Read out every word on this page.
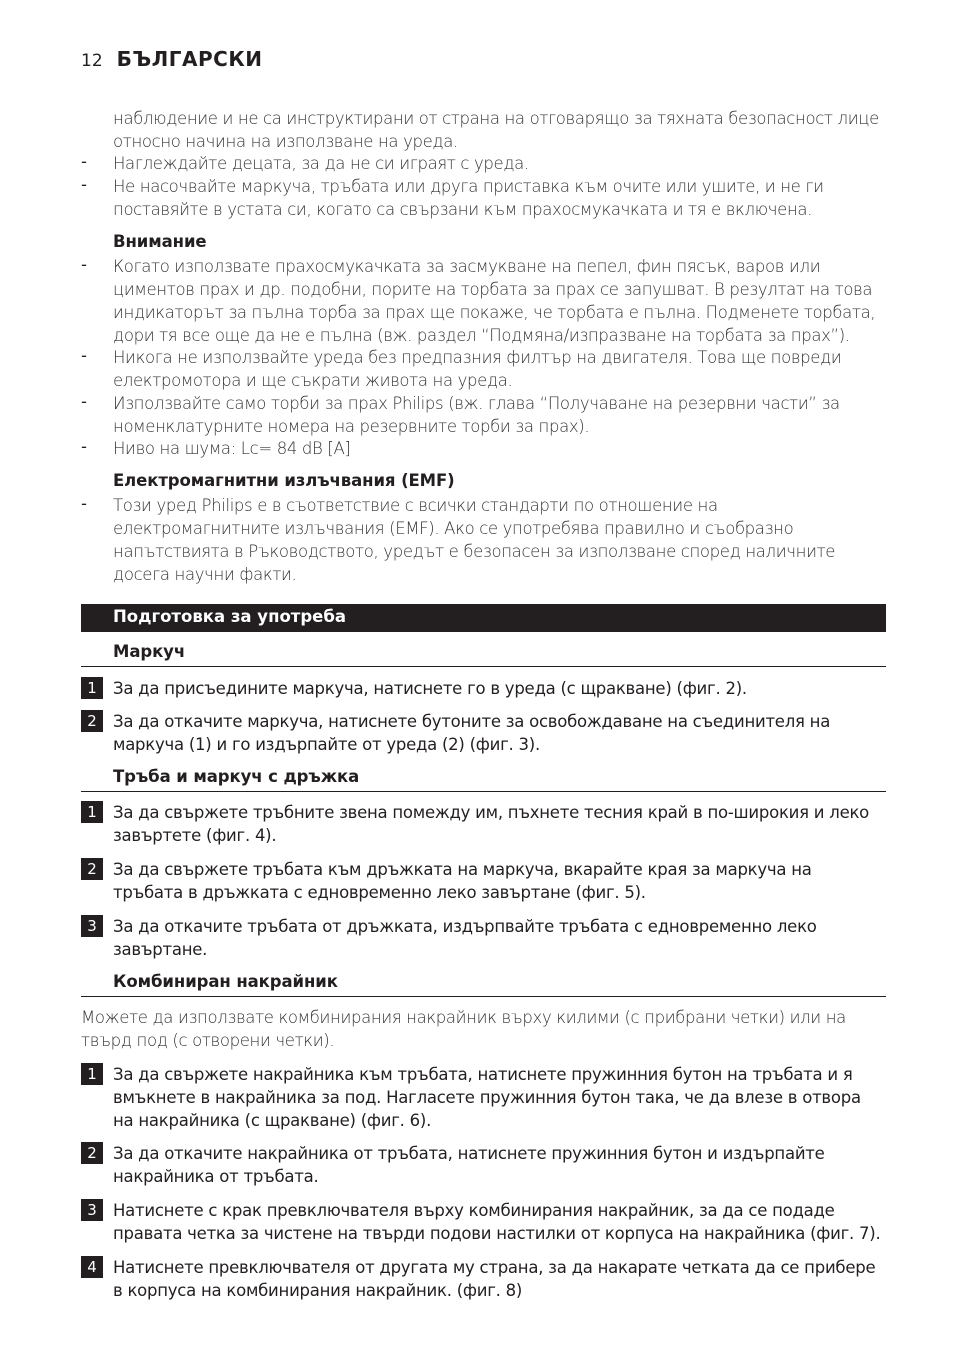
12 БЪЛГАРСКИ
наблюдение и не са инструктирани от страна на отговарящо за тяхната безопасност лице относно начина на използване на уреда.
- Наглеждайте децата, за да не си играят с уреда.
- Не насочвайте маркуча, тръбата или друга приставка към очите или ушите, и не ги поставяйте в устата си, когато са свързани към прахосмукачката и тя е включена.
Внимание
- Когато използвате прахосмукачката за засмукване на пепел, фин пясък, варов или циментов прах и др. подобни, порите на торбата за прах се запушват. В резултат на това индикаторът за пълна торба за прах ще покаже, че торбата е пълна. Подменете торбата, дори тя все още да не е пълна (вж. раздел “Подмяна/изпразване на торбата за прах”).
- Никога не използвайте уреда без предпазния филтър на двигателя. Това ще повреди електромотора и ще съкрати живота на уреда.
- Използвайте само торби за прах Philips (вж. глава “Получаване на резервни части” за номенклатурните номера на резервните торби за прах).
- Ниво на шума: Lc= 84 dB [A]
Електромагнитни излъчвания (EMF)
- Този уред Philips е в съответствие с всички стандарти по отношение на електромагнитните излъчвания (EMF). Ако се употребява правилно и съобразно напътствията в Ръководството, уредът е безопасен за използване според наличните досега научни факти.
Подготовка за употреба
Маркуч
1 За да присъедините маркуча, натиснете го в уреда (с щракване) (фиг. 2).
2 За да откачите маркуча, натиснете бутоните за освобождаване на съединителя на маркуча (1) и го издърпайте от уреда (2) (фиг. 3).
Тръба и маркуч с дръжка
1 За да свържете тръбните звена помежду им, пъхнете тесния край в по-широкия и леко завъртете (фиг. 4).
2 За да свържете тръбата към дръжката на маркуча, вкарайте края за маркуча на тръбата в дръжката с едновременно леко завъртане (фиг. 5).
3 За да откачите тръбата от дръжката, издърпвайте тръбата с едновременно леко завъртане.
Комбиниран накрайник
Можете да използвате комбинирания накрайник върху килими (с прибрани четки) или на твърд под (с отворени четки).
1 За да свържете накрайника към тръбата, натиснете пружинния бутон на тръбата и я вмъкнете в накрайника за под. Нагласете пружинния бутон така, че да влезе в отвора на накрайника (с щракване) (фиг. 6).
2 За да откачите накрайника от тръбата, натиснете пружинния бутон и издърпайте накрайника от тръбата.
3 Натиснете с крак превключвателя върху комбинирания накрайник, за да се подаде правата четка за чистене на твърди подови настилки от корпуса на накрайника (фиг. 7).
4 Натиснете превключвателя от другата му страна, за да накарате четката да се прибере в корпуса на комбинирания накрайник. (фиг. 8)
